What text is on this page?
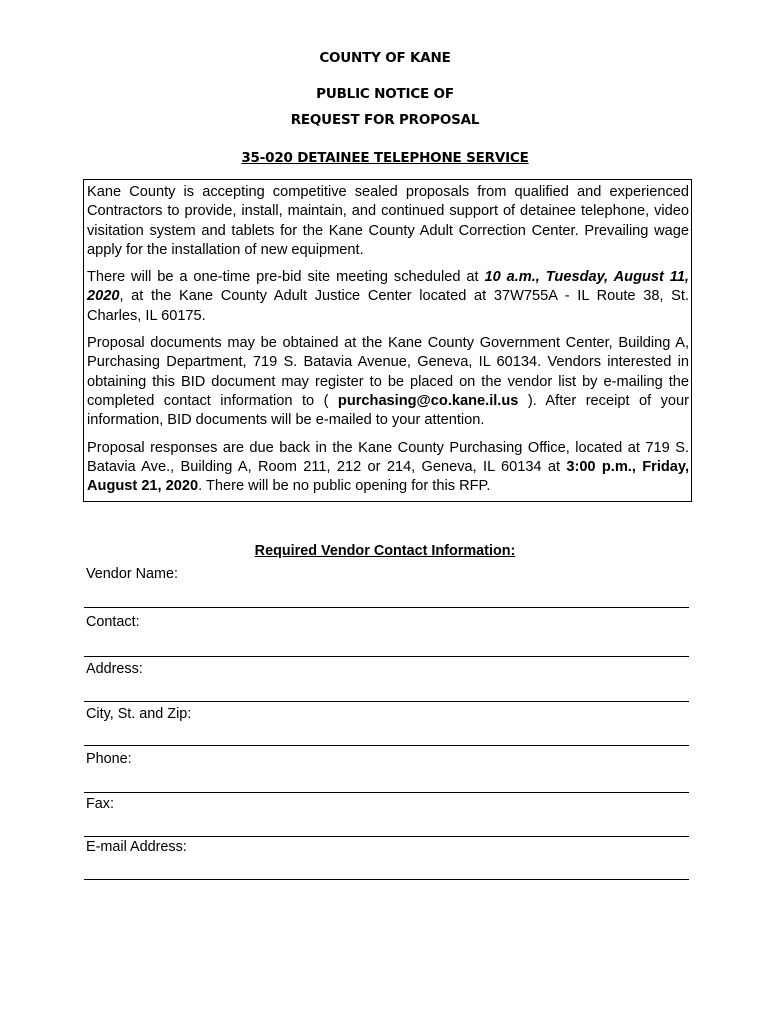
COUNTY OF KANE
PUBLIC NOTICE OF
REQUEST FOR PROPOSAL
35-020 DETAINEE TELEPHONE SERVICE

Kane County is accepting competitive sealed proposals from qualified and experienced Contractors to provide, install, maintain, and continued support of detainee telephone, video visitation system and tablets for the Kane County Adult Correction Center. Prevailing wage apply for the installation of new equipment.

There will be a one-time pre-bid site meeting scheduled at 10 a.m., Tuesday, August 11, 2020, at the Kane County Adult Justice Center located at 37W755A - IL Route 38, St. Charles, IL 60175.

Proposal documents may be obtained at the Kane County Government Center, Building A, Purchasing Department, 719 S. Batavia Avenue, Geneva, IL 60134. Vendors interested in obtaining this BID document may register to be placed on the vendor list by e-mailing the completed contact information to ( purchasing@co.kane.il.us ). After receipt of your information, BID documents will be e-mailed to your attention.

Proposal responses are due back in the Kane County Purchasing Office, located at 719 S. Batavia Ave., Building A, Room 211, 212 or 214, Geneva, IL 60134 at 3:00 p.m., Friday, August 21, 2020. There will be no public opening for this RFP.

Required Vendor Contact Information:
Vendor Name:
Contact:
Address:
City, St. and Zip:
Phone:
Fax:
E-mail Address:
